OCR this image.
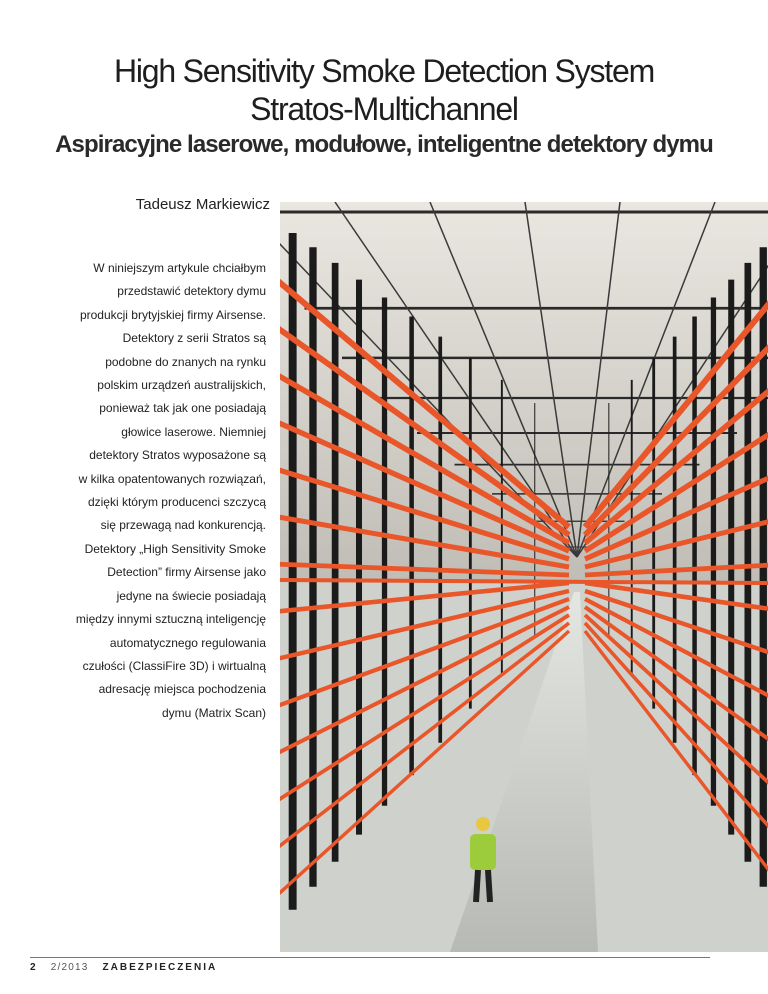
High Sensitivity Smoke Detection System
Stratos-Multichannel
Aspiracyjne laserowe, modułowe, inteligentne detektory dymu
Tadeusz Markiewicz
W niniejszym artykule chciałbym
przedstawić detektory dymu
produkcji brytyjskiej firmy Airsense.
Detektory z serii Stratos są
podobne do znanych na rynku
polskim urządzeń australijskich,
ponieważ tak jak one posiadają
głowice laserowe. Niemniej
detektory Stratos wyposażone są
w kilka opatentowanych rozwiązań,
dzięki którym producenci szczycą
się przewagą nad konkurencją.
Detektory „High Sensitivity Smoke
Detection” firmy Airsense jako
jedyne na świecie posiadają
między innymi sztuczną inteligencję
automatycznego regulowania
czułości (ClassiFire 3D) i wirtualną
adresację miejsca pochodzenia
dymu (Matrix Scan)
2 2/2013 ZABEZPIECZENIA
